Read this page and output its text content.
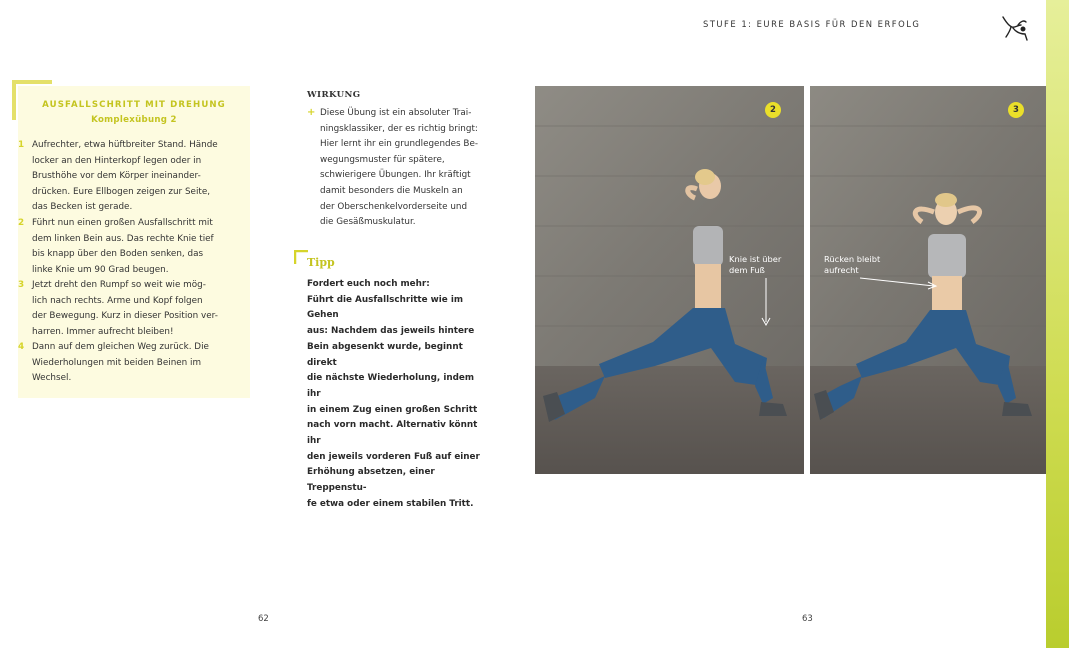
STUFE 1: EURE BASIS FÜR DEN ERFOLG
AUSFALLSCHRITT MIT DREHUNG
Komplexübung 2
1 Aufrechter, etwa hüftbreiter Stand. Hände
locker an den Hinterkopf legen oder in
Brusthöhe vor dem Körper ineinander-
drücken. Eure Ellbogen zeigen zur Seite,
das Becken ist gerade.
2 Führt nun einen großen Ausfallschritt mit
dem linken Bein aus. Das rechte Knie tief
bis knapp über den Boden senken, das
linke Knie um 90 Grad beugen.
3 Jetzt dreht den Rumpf so weit wie mög-
lich nach rechts. Arme und Kopf folgen
der Bewegung. Kurz in dieser Position ver-
harren. Immer aufrecht bleiben!
4 Dann auf dem gleichen Weg zurück. Die
Wiederholungen mit beiden Beinen im
Wechsel.
WIRKUNG
+ Diese Übung ist ein absoluter Trai-
ningsklassiker, der es richtig bringt:
Hier lernt ihr ein grundlegendes Be-
wegungsmuster für spätere,
schwierigere Übungen. Ihr kräftigt
damit besonders die Muskeln an
der Oberschenkelvorderseite und
die Gesäßmuskulatur.
Tipp
Fordert euch noch mehr:
Führt die Ausfallschritte wie im Gehen
aus: Nachdem das jeweils hintere
Bein abgesenkt wurde, beginnt direkt
die nächste Wiederholung, indem ihr
in einem Zug einen großen Schritt
nach vorn macht. Alternativ könnt ihr
den jeweils vorderen Fuß auf einer
Erhöhung absetzen, einer Treppenstu-
fe etwa oder einem stabilen Tritt.
2
Knie ist über
dem Fuß
3
Rücken bleibt
aufrecht
62	63
